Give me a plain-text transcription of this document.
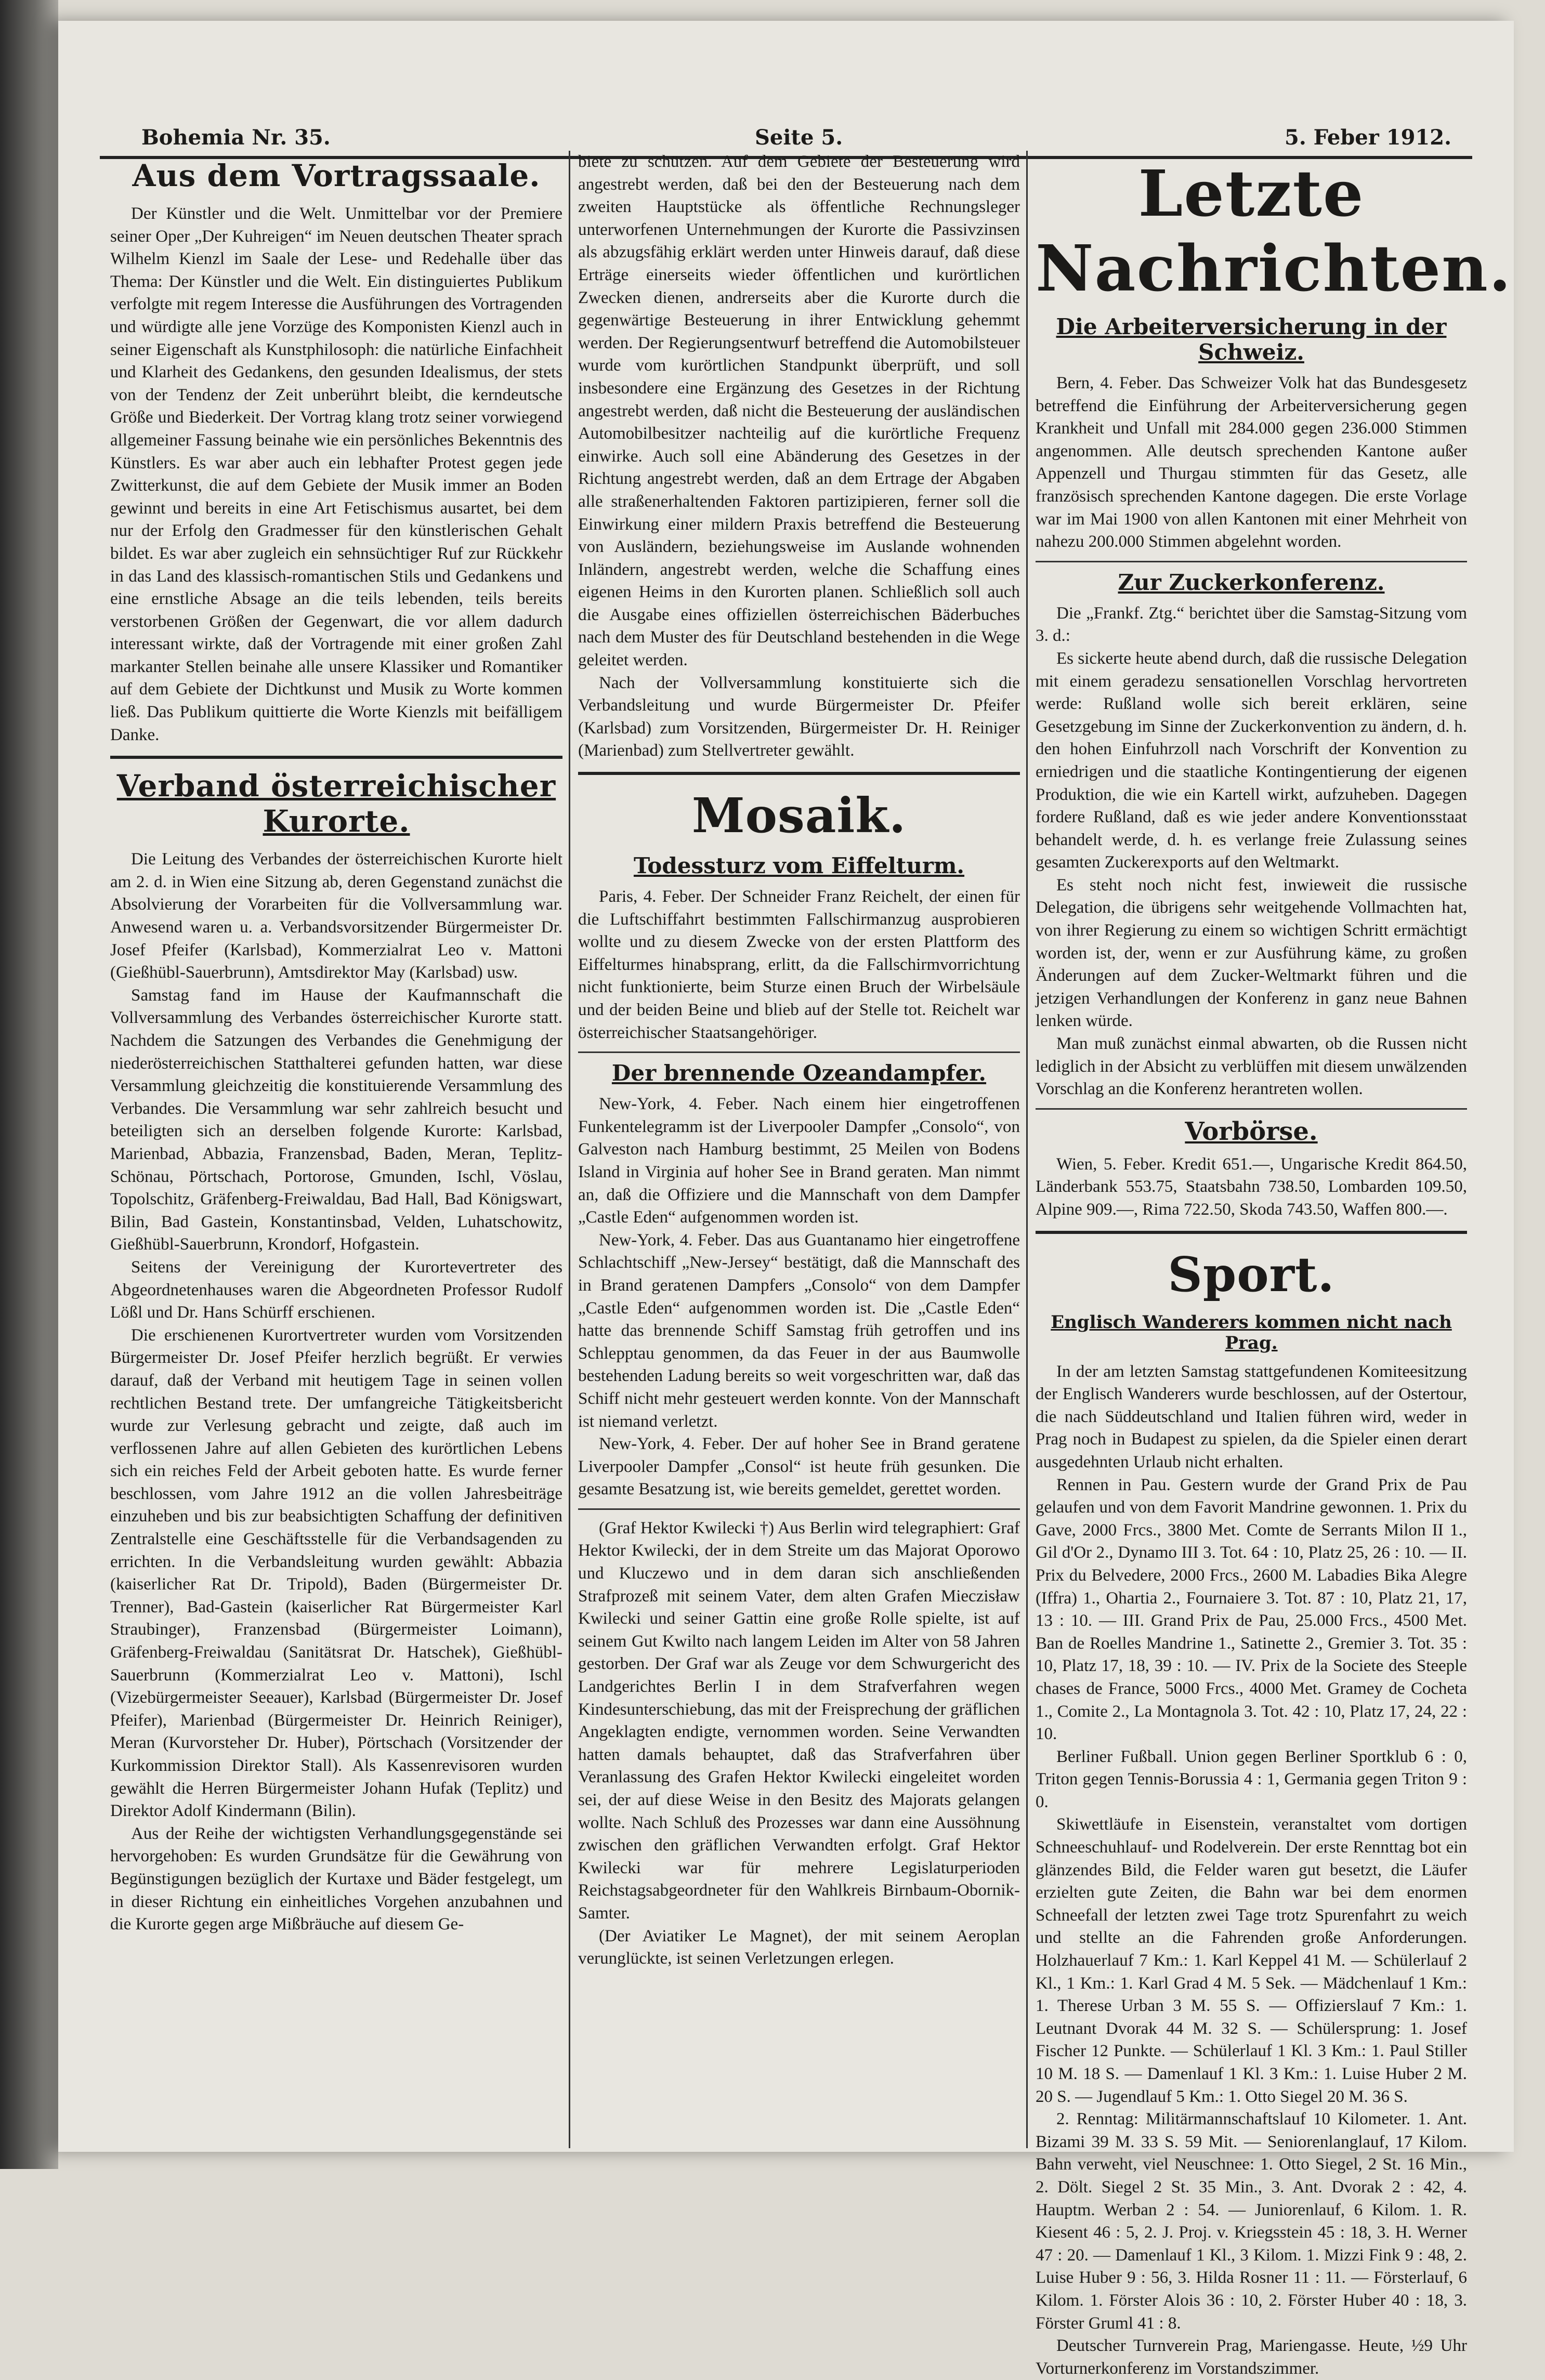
Bohemia Nr. 35.	Seite 5.	5. Feber 1912.
Aus dem Vortragssaale.

Der Künstler und die Welt. Unmittelbar vor der Premiere seiner Oper „Der Kuhreigen“ im Neuen deutschen Theater sprach Wilhelm Kienzl im Saale der Lese- und Redehalle über das Thema: Der Künstler und die Welt. Ein distinguiertes Publikum verfolgte mit regem Interesse die Ausführungen des Vortragenden und würdigte alle jene Vorzüge des Komponisten Kienzl auch in seiner Eigenschaft als Kunstphilosoph: die natürliche Einfachheit und Klarheit des Gedankens, den gesunden Idealismus, der stets von der Tendenz der Zeit unberührt bleibt, die kerndeutsche Größe und Biederkeit. Der Vortrag klang trotz seiner vorwiegend allgemeiner Fassung beinahe wie ein persönliches Bekenntnis des Künstlers. Es war aber auch ein lebhafter Protest gegen jede Zwitterkunst, die auf dem Gebiete der Musik immer an Boden gewinnt und bereits in eine Art Fetischismus ausartet, bei dem nur der Erfolg den Gradmesser für den künstlerischen Gehalt bildet. Es war aber zugleich ein sehnsüchtiger Ruf zur Rückkehr in das Land des klassisch-romantischen Stils und Gedankens und eine ernstliche Absage an die teils lebenden, teils bereits verstorbenen Größen der Gegenwart, die vor allem dadurch interessant wirkte, daß der Vortragende mit einer großen Zahl markanter Stellen beinahe alle unsere Klassiker und Romantiker auf dem Gebiete der Dichtkunst und Musik zu Worte kommen ließ. Das Publikum quittierte die Worte Kienzls mit beifälligem Danke.

Verband österreichischer Kurorte.

Die Leitung des Verbandes der österreichischen Kurorte hielt am 2. d. in Wien eine Sitzung ab, deren Gegenstand zunächst die Absolvierung der Vorarbeiten für die Vollversammlung war. Anwesend waren u. a. Verbandsvorsitzender Bürgermeister Dr. Josef Pfeifer (Karlsbad), Kommerzialrat Leo v. Mattoni (Gießhübl-Sauerbrunn), Amtsdirektor May (Karlsbad) usw.

Samstag fand im Hause der Kaufmannschaft die Vollversammlung des Verbandes österreichischer Kurorte statt. Nachdem die Satzungen des Verbandes die Genehmigung der niederösterreichischen Statthalterei gefunden hatten, war diese Versammlung gleichzeitig die konstituierende Versammlung des Verbandes. Die Versammlung war sehr zahlreich besucht und beteiligten sich an derselben folgende Kurorte: Karlsbad, Marienbad, Abbazia, Franzensbad, Baden, Meran, Teplitz-Schönau, Pörtschach, Portorose, Gmunden, Ischl, Vöslau, Topolschitz, Gräfenberg-Freiwaldau, Bad Hall, Bad Königswart, Bilin, Bad Gastein, Konstantinsbad, Velden, Luhatschowitz, Gießhübl-Sauerbrunn, Krondorf, Hofgastein.

Seitens der Vereinigung der Kurortevertreter des Abgeordnetenhauses waren die Abgeordneten Professor Rudolf Lößl und Dr. Hans Schürff erschienen.

Die erschienenen Kurortvertreter wurden vom Vorsitzenden Bürgermeister Dr. Josef Pfeifer herzlich begrüßt. Er verwies darauf, daß der Verband mit heutigem Tage in seinen vollen rechtlichen Bestand trete. Der umfangreiche Tätigkeitsbericht wurde zur Verlesung gebracht und zeigte, daß auch im verflossenen Jahre auf allen Gebieten des kurörtlichen Lebens sich ein reiches Feld der Arbeit geboten hatte. Es wurde ferner beschlossen, vom Jahre 1912 an die vollen Jahresbeiträge einzuheben und bis zur beabsichtigten Schaffung der definitiven Zentralstelle eine Geschäftsstelle für die Verbandsagenden zu errichten. In die Verbandsleitung wurden gewählt: Abbazia (kaiserlicher Rat Dr. Tripold), Baden (Bürgermeister Dr. Trenner), Bad-Gastein (kaiserlicher Rat Bürgermeister Karl Straubinger), Franzensbad (Bürgermeister Loimann), Gräfenberg-Freiwaldau (Sanitätsrat Dr. Hatschek), Gießhübl-Sauerbrunn (Kommerzialrat Leo v. Mattoni), Ischl (Vizebürgermeister Seeauer), Karlsbad (Bürgermeister Dr. Josef Pfeifer), Marienbad (Bürgermeister Dr. Heinrich Reiniger), Meran (Kurvorsteher Dr. Huber), Pörtschach (Vorsitzender der Kurkommission Direktor Stall). Als Kassenrevisoren wurden gewählt die Herren Bürgermeister Johann Hufak (Teplitz) und Direktor Adolf Kindermann (Bilin).

Aus der Reihe der wichtigsten Verhandlungsgegenstände sei hervorgehoben: Es wurden Grundsätze für die Gewährung von Begünstigungen bezüglich der Kurtaxe und Bäder festgelegt, um in dieser Richtung ein einheitliches Vorgehen anzubahnen und die Kurorte gegen arge Mißbräuche auf diesem Ge-

biete zu schützen. Auf dem Gebiete der Besteuerung wird angestrebt werden, daß bei den der Besteuerung nach dem zweiten Hauptstücke als öffentliche Rechnungsleger unterworfenen Unternehmungen der Kurorte die Passivzinsen als abzugsfähig erklärt werden unter Hinweis darauf, daß diese Erträge einerseits wieder öffentlichen und kurörtlichen Zwecken dienen, andrerseits aber die Kurorte durch die gegenwärtige Besteuerung in ihrer Entwicklung gehemmt werden. Der Regierungsentwurf betreffend die Automobilsteuer wurde vom kurörtlichen Standpunkt überprüft, und soll insbesondere eine Ergänzung des Gesetzes in der Richtung angestrebt werden, daß nicht die Besteuerung der ausländischen Automobilbesitzer nachteilig auf die kurörtliche Frequenz einwirke. Auch soll eine Abänderung des Gesetzes in der Richtung angestrebt werden, daß an dem Ertrage der Abgaben alle straßenerhaltenden Faktoren partizipieren, ferner soll die Einwirkung einer mildern Praxis betreffend die Besteuerung von Ausländern, beziehungsweise im Auslande wohnenden Inländern, angestrebt werden, welche die Schaffung eines eigenen Heims in den Kurorten planen. Schließlich soll auch die Ausgabe eines offiziellen österreichischen Bäderbuches nach dem Muster des für Deutschland bestehenden in die Wege geleitet werden.

Nach der Vollversammlung konstituierte sich die Verbandsleitung und wurde Bürgermeister Dr. Pfeifer (Karlsbad) zum Vorsitzenden, Bürgermeister Dr. H. Reiniger (Marienbad) zum Stellvertreter gewählt.

Mosaik.
Todessturz vom Eiffelturm.

Paris, 4. Feber. Der Schneider Franz Reichelt, der einen für die Luftschiffahrt bestimmten Fallschirmanzug ausprobieren wollte und zu diesem Zwecke von der ersten Plattform des Eiffelturmes hinabsprang, erlitt, da die Fallschirmvorrichtung nicht funktionierte, beim Sturze einen Bruch der Wirbelsäule und der beiden Beine und blieb auf der Stelle tot. Reichelt war österreichischer Staatsangehöriger.

Der brennende Ozeandampfer.

New-York, 4. Feber. Nach einem hier eingetroffenen Funkentelegramm ist der Liverpooler Dampfer „Consolo“, von Galveston nach Hamburg bestimmt, 25 Meilen von Bodens Island in Virginia auf hoher See in Brand geraten. Man nimmt an, daß die Offiziere und die Mannschaft von dem Dampfer „Castle Eden“ aufgenommen worden ist.

New-York, 4. Feber. Das aus Guantanamo hier eingetroffene Schlachtschiff „New-Jersey“ bestätigt, daß die Mannschaft des in Brand geratenen Dampfers „Consolo“ von dem Dampfer „Castle Eden“ aufgenommen worden ist. Die „Castle Eden“ hatte das brennende Schiff Samstag früh getroffen und ins Schlepptau genommen, da das Feuer in der aus Baumwolle bestehenden Ladung bereits so weit vorgeschritten war, daß das Schiff nicht mehr gesteuert werden konnte. Von der Mannschaft ist niemand verletzt.

New-York, 4. Feber. Der auf hoher See in Brand geratene Liverpooler Dampfer „Consol“ ist heute früh gesunken. Die gesamte Besatzung ist, wie bereits gemeldet, gerettet worden.

(Graf Hektor Kwilecki †) Aus Berlin wird telegraphiert: Graf Hektor Kwilecki, der in dem Streite um das Majorat Oporowo und Kluczewo und in dem daran sich anschließenden Strafprozeß mit seinem Vater, dem alten Grafen Mieczisław Kwilecki und seiner Gattin eine große Rolle spielte, ist auf seinem Gut Kwilto nach langem Leiden im Alter von 58 Jahren gestorben. Der Graf war als Zeuge vor dem Schwurgericht des Landgerichtes Berlin I in dem Strafverfahren wegen Kindesunterschiebung, das mit der Freisprechung der gräflichen Angeklagten endigte, vernommen worden. Seine Verwandten hatten damals behauptet, daß das Strafverfahren über Veranlassung des Grafen Hektor Kwilecki eingeleitet worden sei, der auf diese Weise in den Besitz des Majorats gelangen wollte. Nach Schluß des Prozesses war dann eine Aussöhnung zwischen den gräflichen Verwandten erfolgt. Graf Hektor Kwilecki war für mehrere Legislaturperioden Reichstagsabgeordneter für den Wahlkreis Birnbaum-Obornik-Samter.

(Der Aviatiker Le Magnet), der mit seinem Aeroplan verunglückte, ist seinen Verletzungen erlegen.

Letzte Nachrichten.
Die Arbeiterversicherung in der Schweiz.

Bern, 4. Feber. Das Schweizer Volk hat das Bundesgesetz betreffend die Einführung der Arbeiterversicherung gegen Krankheit und Unfall mit 284.000 gegen 236.000 Stimmen angenommen. Alle deutsch sprechenden Kantone außer Appenzell und Thurgau stimmten für das Gesetz, alle französisch sprechenden Kantone dagegen. Die erste Vorlage war im Mai 1900 von allen Kantonen mit einer Mehrheit von nahezu 200.000 Stimmen abgelehnt worden.

Zur Zuckerkonferenz.

Die „Frankf. Ztg.“ berichtet über die Samstag-Sitzung vom 3. d.:

Es sickerte heute abend durch, daß die russische Delegation mit einem geradezu sensationellen Vorschlag hervortreten werde: Rußland wolle sich bereit erklären, seine Gesetzgebung im Sinne der Zuckerkonvention zu ändern, d. h. den hohen Einfuhrzoll nach Vorschrift der Konvention zu erniedrigen und die staatliche Kontingentierung der eigenen Produktion, die wie ein Kartell wirkt, aufzuheben. Dagegen fordere Rußland, daß es wie jeder andere Konventionsstaat behandelt werde, d. h. es verlange freie Zulassung seines gesamten Zuckerexports auf den Weltmarkt.

Es steht noch nicht fest, inwieweit die russische Delegation, die übrigens sehr weitgehende Vollmachten hat, von ihrer Regierung zu einem so wichtigen Schritt ermächtigt worden ist, der, wenn er zur Ausführung käme, zu großen Änderungen auf dem Zucker-Weltmarkt führen und die jetzigen Verhandlungen der Konferenz in ganz neue Bahnen lenken würde.

Man muß zunächst einmal abwarten, ob die Russen nicht lediglich in der Absicht zu verblüffen mit diesem unwälzenden Vorschlag an die Konferenz herantreten wollen.

Vorbörse.

Wien, 5. Feber. Kredit 651.—, Ungarische Kredit 864.50, Länderbank 553.75, Staatsbahn 738.50, Lombarden 109.50, Alpine 909.—, Rima 722.50, Skoda 743.50, Waffen 800.—.

Sport.
Englisch Wanderers kommen nicht nach Prag.

In der am letzten Samstag stattgefundenen Komiteesitzung der Englisch Wanderers wurde beschlossen, auf der Ostertour, die nach Süddeutschland und Italien führen wird, weder in Prag noch in Budapest zu spielen, da die Spieler einen derart ausgedehnten Urlaub nicht erhalten.

Rennen in Pau. Gestern wurde der Grand Prix de Pau gelaufen und von dem Favorit Mandrine gewonnen. 1. Prix du Gave, 2000 Frcs., 3800 Met. Comte de Serrants Milon II 1., Gil d'Or 2., Dynamo III 3. Tot. 64 : 10, Platz 25, 26 : 10. — II. Prix du Belvedere, 2000 Frcs., 2600 M. Labadies Bika Alegre (Iffra) 1., Ohartia 2., Fournaiere 3. Tot. 87 : 10, Platz 21, 17, 13 : 10. — III. Grand Prix de Pau, 25.000 Frcs., 4500 Met. Ban de Roelles Mandrine 1., Satinette 2., Gremier 3. Tot. 35 : 10, Platz 17, 18, 39 : 10. — IV. Prix de la Societe des Steeple chases de France, 5000 Frcs., 4000 Met. Gramey de Cocheta 1., Comite 2., La Montagnola 3. Tot. 42 : 10, Platz 17, 24, 22 : 10.

Berliner Fußball. Union gegen Berliner Sportklub 6 : 0, Triton gegen Tennis-Borussia 4 : 1, Germania gegen Triton 9 : 0.

Skiwettläufe in Eisenstein, veranstaltet vom dortigen Schneeschuhlauf- und Rodelverein. Der erste Rennttag bot ein glänzendes Bild, die Felder waren gut besetzt, die Läufer erzielten gute Zeiten, die Bahn war bei dem enormen Schneefall der letzten zwei Tage trotz Spurenfahrt zu weich und stellte an die Fahrenden große Anforderungen. Holzhauerlauf 7 Km.: 1. Karl Keppel 41 M. — Schülerlauf 2 Kl., 1 Km.: 1. Karl Grad 4 M. 5 Sek. — Mädchenlauf 1 Km.: 1. Therese Urban 3 M. 55 S. — Offizierslauf 7 Km.: 1. Leutnant Dvorak 44 M. 32 S. — Schülersprung: 1. Josef Fischer 12 Punkte. — Schülerlauf 1 Kl. 3 Km.: 1. Paul Stiller 10 M. 18 S. — Damenlauf 1 Kl. 3 Km.: 1. Luise Huber 2 M. 20 S. — Jugendlauf 5 Km.: 1. Otto Siegel 20 M. 36 S.

2. Renntag: Militärmannschaftslauf 10 Kilometer. 1. Ant. Bizami 39 M. 33 S. 59 Mit. — Seniorenlanglauf, 17 Kilom. Bahn verweht, viel Neuschnee: 1. Otto Siegel, 2 St. 16 Min., 2. Dölt. Siegel 2 St. 35 Min., 3. Ant. Dvorak 2 : 42, 4. Hauptm. Werban 2 : 54. — Juniorenlauf, 6 Kilom. 1. R. Kiesent 46 : 5, 2. J. Proj. v. Kriegsstein 45 : 18, 3. H. Werner 47 : 20. — Damenlauf 1 Kl., 3 Kilom. 1. Mizzi Fink 9 : 48, 2. Luise Huber 9 : 56, 3. Hilda Rosner 11 : 11. — Försterlauf, 6 Kilom. 1. Förster Alois 36 : 10, 2. Förster Huber 40 : 18, 3. Förster Gruml 41 : 8.

Deutscher Turnverein Prag, Mariengasse. Heute, ½9 Uhr Vorturnerkonferenz im Vorstandszimmer.
